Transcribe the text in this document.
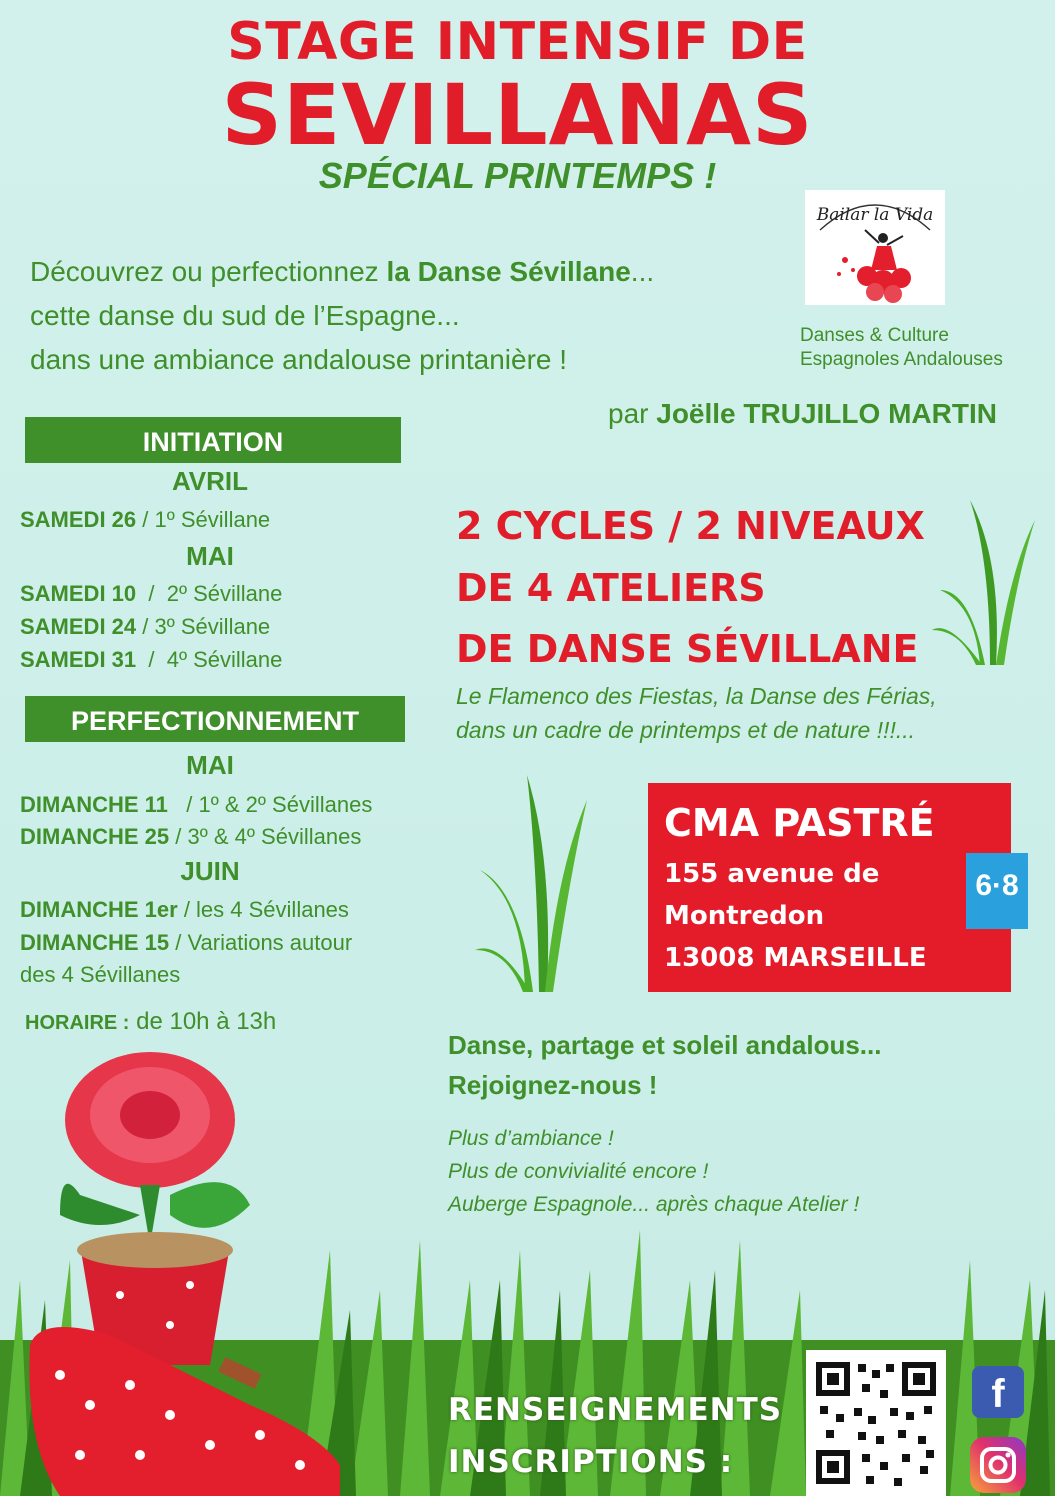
STAGE INTENSIF DE
SEVILLANAS
SPÉCIAL PRINTEMPS !
Découvrez ou perfectionnez la Danse Sévillane...
cette danse du sud de l’Espagne...
dans une ambiance andalouse printanière !
Bailar la Vida
Danses & Culture
Espagnoles Andalouses
par Joëlle TRUJILLO MARTIN
INITIATION
AVRIL
SAMEDI 26 / 1º Sévillane
MAI
SAMEDI 10  /  2º Sévillane
SAMEDI 24 / 3º Sévillane
SAMEDI 31  /  4º Sévillane
PERFECTIONNEMENT
MAI
DIMANCHE 11   / 1º & 2º Sévillanes
DIMANCHE 25 / 3º & 4º Sévillanes
JUIN
DIMANCHE 1er / les 4 Sévillanes
DIMANCHE 15 / Variations autour
des 4 Sévillanes
HORAIRE : de 10h à 13h
2 CYCLES / 2 NIVEAUX
DE 4 ATELIERS
DE DANSE SÉVILLANE
Le Flamenco des Fiestas, la Danse des Férias,
dans un cadre de printemps et de nature !!!...
CMA PASTRÉ
155 avenue de
Montredon
13008 MARSEILLE
6·8
Danse, partage et soleil andalous...
Rejoignez-nous !
Plus d’ambiance !
Plus de convivialité encore !
Auberge Espagnole... après chaque Atelier !
RENSEIGNEMENTS
INSCRIPTIONS :
f
